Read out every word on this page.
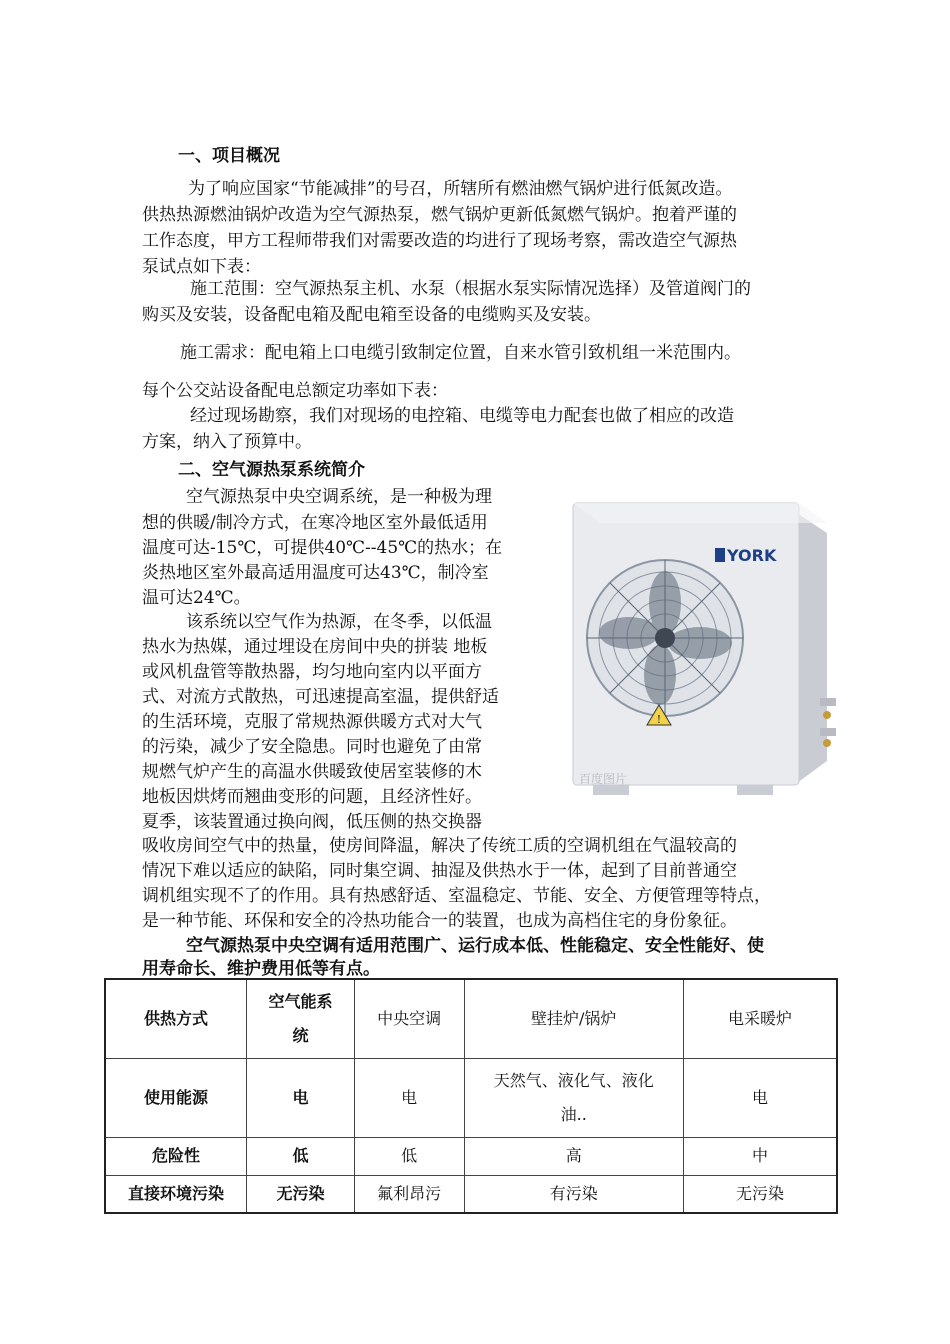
一、项目概况
为了响应国家“节能减排”的号召，所辖所有燃油燃气锅炉进行低氮改造。
供热热源燃油锅炉改造为空气源热泵，燃气锅炉更新低氮燃气锅炉。抱着严谨的
工作态度，甲方工程师带我们对需要改造的均进行了现场考察，需改造空气源热
泵试点如下表：
施工范围：空气源热泵主机、水泵（根据水泵实际情况选择）及管道阀门的
购买及安装，设备配电箱及配电箱至设备的电缆购买及安装。
施工需求：配电箱上口电缆引致制定位置，自来水管引致机组一米范围内。
每个公交站设备配电总额定功率如下表：
经过现场勘察，我们对现场的电控箱、电缆等电力配套也做了相应的改造
方案，纳入了预算中。
二、空气源热泵系统简介
空气源热泵中央空调系统，是一种极为理
想的供暖/制冷方式，在寒冷地区室外最低适用
温度可达-15℃，可提供40℃--45℃的热水；在
炎热地区室外最高适用温度可达43℃，制冷室
温可达24℃。
该系统以空气作为热源，在冬季，以低温
热水为热媒，通过埋设在房间中央的拼装 地板
或风机盘管等散热器，均匀地向室内以平面方
式、对流方式散热，可迅速提高室温，提供舒适
的生活环境，克服了常规热源供暖方式对大气
的污染，减少了安全隐患。同时也避免了由常
规燃气炉产生的高温水供暖致使居室装修的木
地板因烘烤而翘曲变形的问题，且经济性好。
夏季，该装置通过换向阀，低压侧的热交换器
吸收房间空气中的热量，使房间降温，解决了传统工质的空调机组在气温较高的
情况下难以适应的缺陷，同时集空调、抽湿及供热水于一体，起到了目前普通空
调机组实现不了的作用。具有热感舒适、室温稳定、节能、安全、方便管理等特点，
是一种节能、环保和安全的冷热功能合一的装置，也成为高档住宅的身份象征。
空气源热泵中央空调有适用范围广、运行成本低、性能稳定、安全性能好、使
用寿命长、维护费用低等有点。
YORK
!
百度图片
供热方式	空气能系
统	中央空调	壁挂炉/锅炉	电采暖炉
使用能源	电	电	天然气、液化气、液化
油..	电
危险性	低	低	高	中
直接环境污染	无污染	氟利昂污	有污染	无污染
